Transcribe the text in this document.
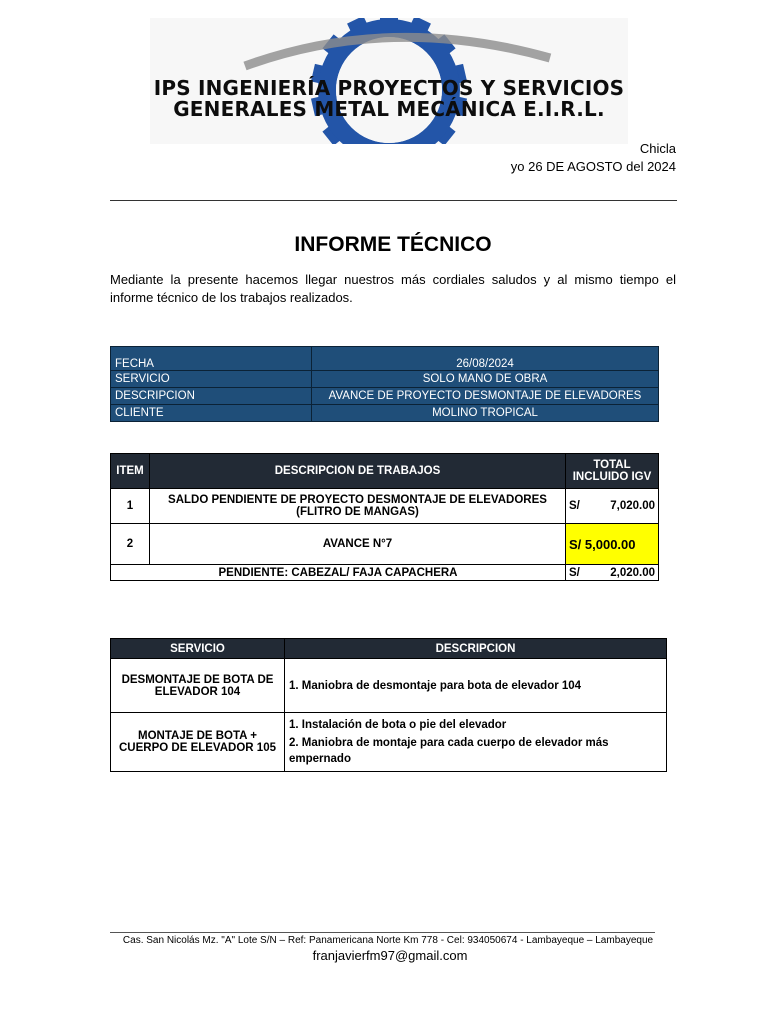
IPS INGENIERÍA PROYECTOS Y SERVICIOS
GENERALES METAL MECÁNICA E.I.R.L.
Chicla
yo 26 DE AGOSTO del 2024
INFORME TÉCNICO
Mediante la presente hacemos llegar nuestros más cordiales saludos y al mismo tiempo el informe técnico de los trabajos realizados.
FECHA	26/08/2024
SERVICIO	SOLO MANO DE OBRA
DESCRIPCION	AVANCE DE PROYECTO DESMONTAJE DE ELEVADORES
CLIENTE	MOLINO TROPICAL
ITEM	DESCRIPCION DE TRABAJOS	TOTAL INCLUIDO IGV
1	SALDO PENDIENTE DE PROYECTO DESMONTAJE DE ELEVADORES (FLITRO DE MANGAS)	S/ 7,020.00

2	AVANCE N°7	S/ 5,000.00
PENDIENTE: CABEZAL/ FAJA CAPACHERA		S/ 2,020.00
SERVICIO	DESCRIPCION
DESMONTAJE DE BOTA DE ELEVADOR 104	1. Maniobra de desmontaje para bota de elevador 104

MONTAJE DE BOTA + CUERPO DE ELEVADOR 105	1. Instalación de bota o pie del elevador

2. Maniobra de montaje para cada cuerpo de elevador más empernado

Cas. San Nicolás Mz. "A" Lote S/N – Ref: Panamericana Norte Km 778 - Cel: 934050674 - Lambayeque – Lambayeque
franjavierfm97@gmail.com
